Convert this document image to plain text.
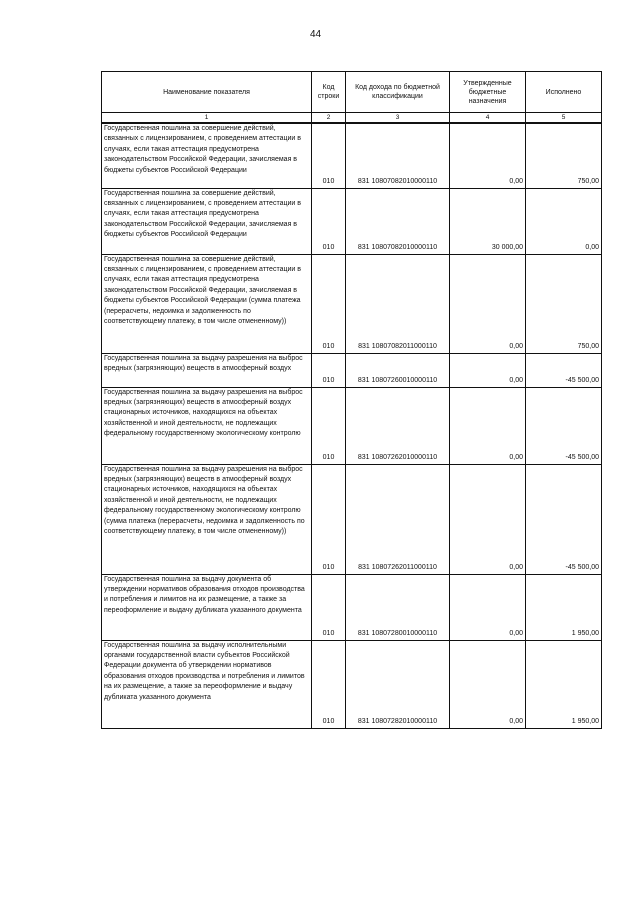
44
Наименование показателя	Код строки	Код дохода по бюджетной классификации	Утвержденные бюджетные назначения	Исполнено
1	2	3	4	5
Государственная пошлина за совершение действий, связанных с лицензированием, с проведением аттестации в случаях, если такая аттестация предусмотрена законодательством Российской Федерации, зачисляемая в бюджеты субъектов Российской Федерации	010	831 10807082010000110	0,00	750,00
Государственная пошлина за совершение действий, связанных с лицензированием, с проведением аттестации в случаях, если такая аттестация предусмотрена законодательством Российской Федерации, зачисляемая в бюджеты субъектов Российской Федерации	010	831 10807082010000110	30 000,00	0,00
Государственная пошлина за совершение действий, связанных с лицензированием, с проведением аттестации в случаях, если такая аттестация предусмотрена законодательством Российской Федерации, зачисляемая в бюджеты субъектов Российской Федерации (сумма платежа (перерасчеты, недоимка и задолженность по соответствующему платежу, в том числе отмененному))	010	831 10807082011000110	0,00	750,00
Государственная пошлина за выдачу разрешения на выброс вредных (загрязняющих) веществ в атмосферный воздух	010	831 10807260010000110	0,00	-45 500,00
Государственная пошлина за выдачу разрешения на выброс вредных (загрязняющих) веществ в атмосферный воздух стационарных источников, находящихся на объектах хозяйственной и иной деятельности, не подлежащих федеральному государственному экологическому контролю	010	831 10807262010000110	0,00	-45 500,00
Государственная пошлина за выдачу разрешения на выброс вредных (загрязняющих) веществ в атмосферный воздух стационарных источников, находящихся на объектах хозяйственной и иной деятельности, не подлежащих федеральному государственному экологическому контролю (сумма платежа (перерасчеты, недоимка и задолженность по соответствующему платежу, в том числе отмененному))	010	831 10807262011000110	0,00	-45 500,00
Государственная пошлина за выдачу документа об утверждении нормативов образования отходов производства и потребления и лимитов на их размещение, а также за переоформление и выдачу дубликата указанного документа	010	831 10807280010000110	0,00	1 950,00
Государственная пошлина за выдачу исполнительными органами государственной власти субъектов Российской Федерации документа об утверждении нормативов образования отходов производства и потребления и лимитов на их размещение, а также за переоформление и выдачу дубликата указанного документа	010	831 10807282010000110	0,00	1 950,00
